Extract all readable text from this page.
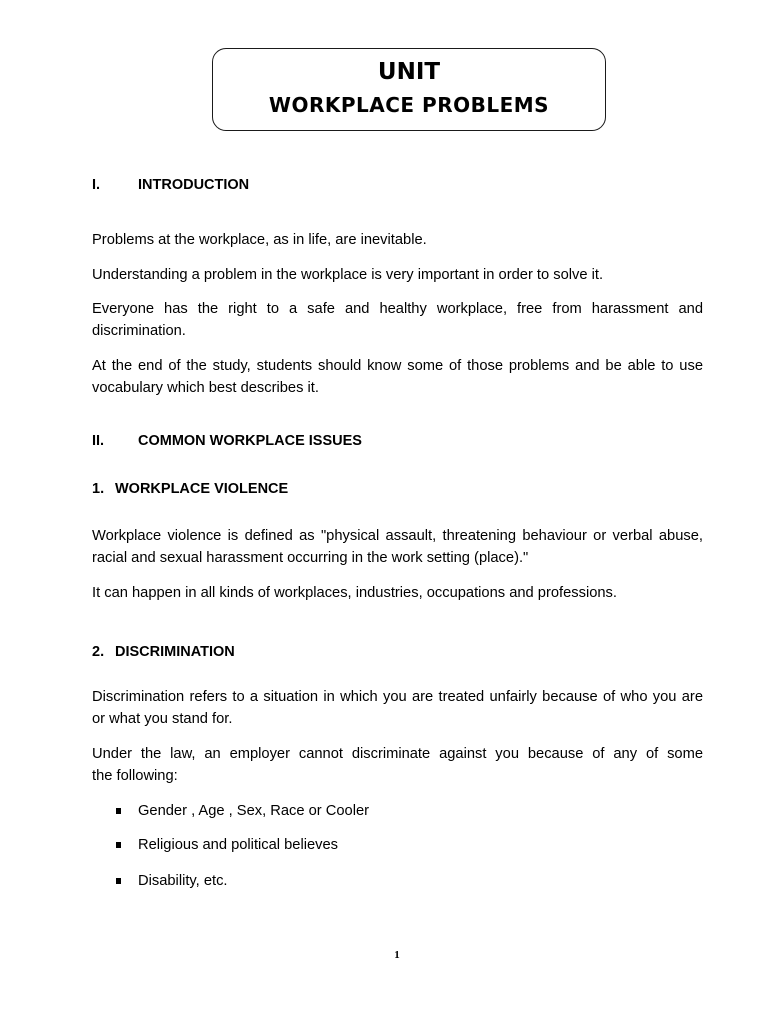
UNIT
WORKPLACE PROBLEMS
I.	INTRODUCTION
Problems at the workplace, as in life, are inevitable.
Understanding a problem in the workplace is very important in order to solve it.
Everyone has the right to a safe and healthy workplace, free from harassment and
discrimination.
At the end of the study, students should know some of those problems and be able to use
vocabulary which best describes it.
II. COMMON WORKPLACE ISSUES
1. WORKPLACE VIOLENCE
Workplace violence is defined as "physical assault, threatening behaviour or verbal abuse,
racial and sexual harassment occurring in the work setting (place)."
It can happen in all kinds of workplaces, industries, occupations and professions.
2. DISCRIMINATION
Discrimination refers to a situation in which you are treated unfairly because of who you are
or what you stand for.
Under the law, an employer cannot discriminate against you because of any of some
the following:
Gender , Age , Sex, Race or Cooler
Religious and political believes
Disability, etc.
1
